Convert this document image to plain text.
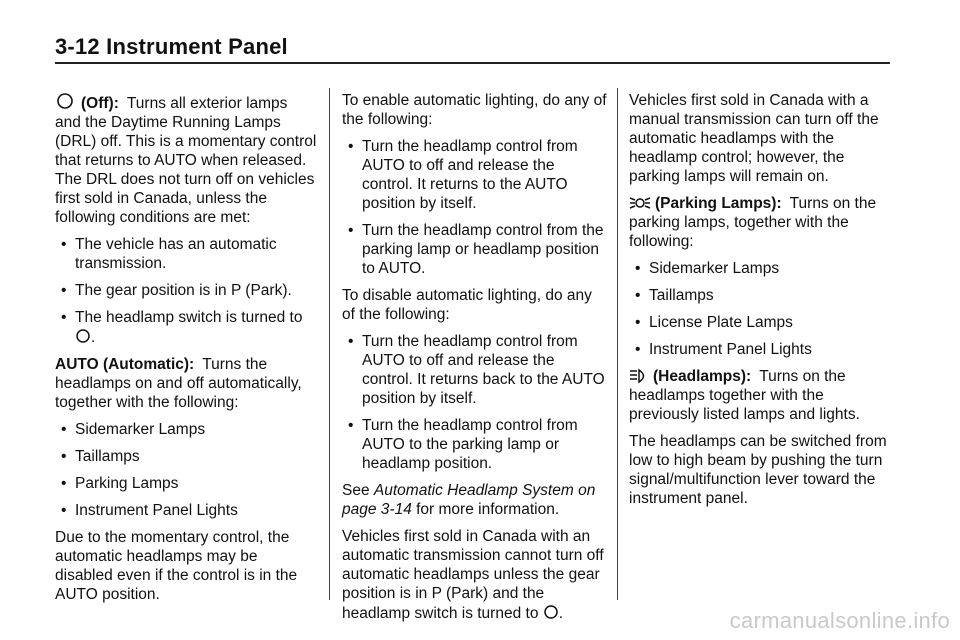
3-12 Instrument Panel

(Off): Turns all exterior lamps and the Daytime Running Lamps (DRL) off. This is a momentary control that returns to AUTO when released. The DRL does not turn off on vehicles first sold in Canada, unless the following conditions are met:

• The vehicle has an automatic transmission.
• The gear position is in P (Park).
• The headlamp switch is turned to
.

AUTO (Automatic): Turns the headlamps on and off automatically, together with the following:

• Sidemarker Lamps
• Taillamps
• Parking Lamps
• Instrument Panel Lights

Due to the momentary control, the automatic headlamps may be disabled even if the control is in the AUTO position.

To enable automatic lighting, do any of the following:

• Turn the headlamp control from AUTO to off and release the control. It returns to the AUTO position by itself.
• Turn the headlamp control from the parking lamp or headlamp position to AUTO.

To disable automatic lighting, do any of the following:

• Turn the headlamp control from AUTO to off and release the control. It returns back to the AUTO position by itself.
• Turn the headlamp control from AUTO to the parking lamp or headlamp position.

See Automatic Headlamp System on page 3-14 for more information.

Vehicles first sold in Canada with an automatic transmission cannot turn off automatic headlamps unless the gear position is in P (Park) and the headlamp switch is turned to .

Vehicles first sold in Canada with a manual transmission can turn off the automatic headlamps with the headlamp control; however, the parking lamps will remain on.

(Parking Lamps): Turns on the parking lamps, together with the following:

• Sidemarker Lamps
• Taillamps
• License Plate Lamps
• Instrument Panel Lights

(Headlamps): Turns on the headlamps together with the previously listed lamps and lights.

The headlamps can be switched from low to high beam by pushing the turn signal/multifunction lever toward the instrument panel.

carmanualsonline.info
